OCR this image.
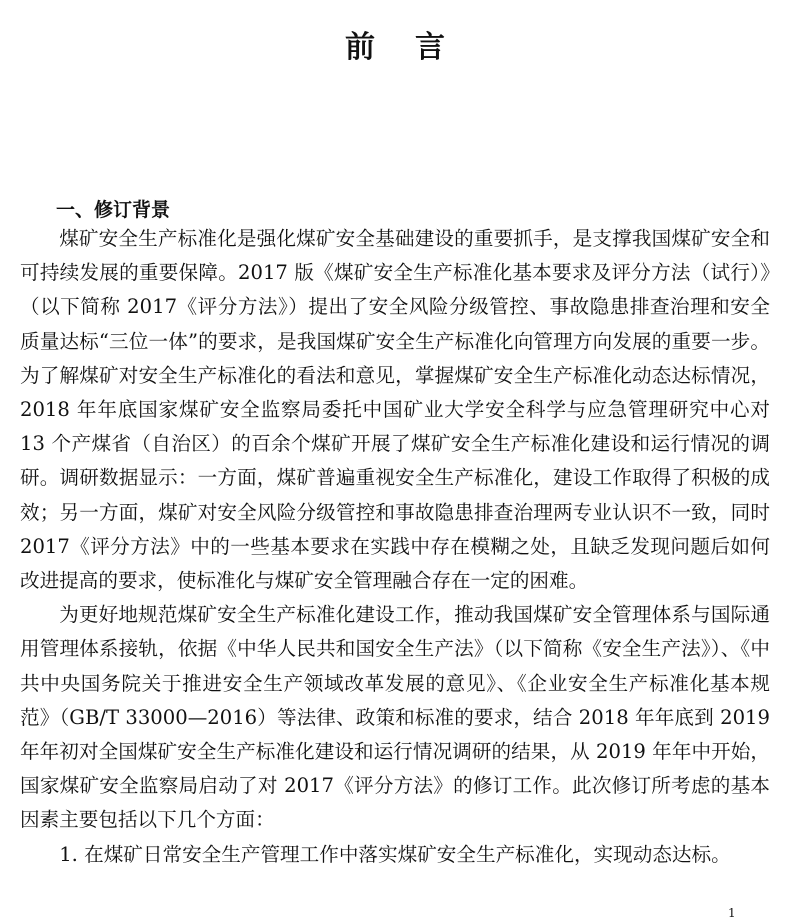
前言
一、修订背景

煤矿安全生产标准化是强化煤矿安全基础建设的重要抓手，是支撑我国煤矿安全和可持续发展的重要保障。2017 版《煤矿安全生产标准化基本要求及评分方法（试行）》（以下简称 2017《评分方法》）提出了安全风险分级管控、事故隐患排查治理和安全质量达标“三位一体”的要求，是我国煤矿安全生产标准化向管理方向发展的重要一步。为了解煤矿对安全生产标准化的看法和意见，掌握煤矿安全生产标准化动态达标情况，2018 年年底国家煤矿安全监察局委托中国矿业大学安全科学与应急管理研究中心对 13 个产煤省（自治区）的百余个煤矿开展了煤矿安全生产标准化建设和运行情况的调研。调研数据显示：一方面，煤矿普遍重视安全生产标准化，建设工作取得了积极的成效；另一方面，煤矿对安全风险分级管控和事故隐患排查治理两专业认识不一致，同时 2017《评分方法》中的一些基本要求在实践中存在模糊之处，且缺乏发现问题后如何改进提高的要求，使标准化与煤矿安全管理融合存在一定的困难。

为更好地规范煤矿安全生产标准化建设工作，推动我国煤矿安全管理体系与国际通用管理体系接轨，依据《中华人民共和国安全生产法》（以下简称《安全生产法》）、《中共中央国务院关于推进安全生产领域改革发展的意见》、《企业安全生产标准化基本规范》（GB/T 33000—2016）等法律、政策和标准的要求，结合 2018 年年底到 2019 年年初对全国煤矿安全生产标准化建设和运行情况调研的结果，从 2019 年年中开始，国家煤矿安全监察局启动了对 2017《评分方法》的修订工作。此次修订所考虑的基本因素主要包括以下几个方面：

1. 在煤矿日常安全生产管理工作中落实煤矿安全生产标准化，实现动态达标。

1
